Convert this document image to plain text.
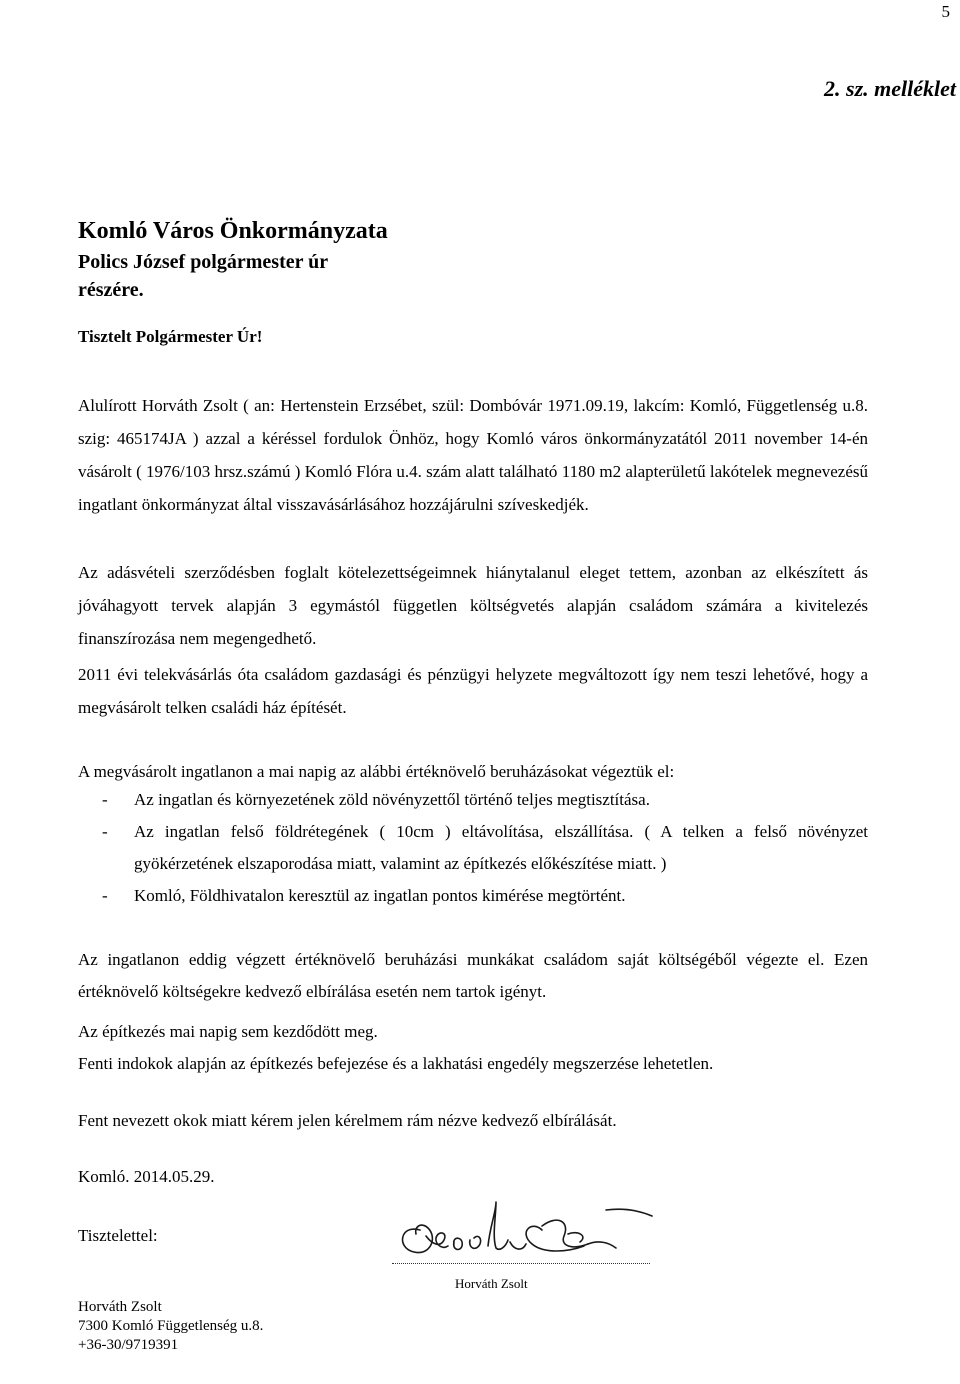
5
2. sz. melléklet
Komló Város Önkormányzata
Polics József polgármester úr
részére.
Tisztelt Polgármester Úr!
Alulírott Horváth Zsolt ( an: Hertenstein Erzsébet, szül: Dombóvár 1971.09.19, lakcím: Komló, Függetlenség u.8. szig: 465174JA ) azzal a kéréssel fordulok Önhöz, hogy Komló város önkormányzatától 2011 november 14-én vásárolt ( 1976/103 hrsz.számú ) Komló Flóra u.4. szám alatt található 1180 m2 alapterületű lakótelek megnevezésű ingatlant önkormányzat által visszavásárlásához hozzájárulni szíveskedjék.
Az adásvételi szerződésben foglalt kötelezettségeimnek hiánytalanul eleget tettem, azonban az elkészített ás jóváhagyott tervek alapján 3 egymástól független költségvetés alapján családom számára a kivitelezés finanszírozása nem megengedhető.
2011 évi telekvásárlás óta családom gazdasági és pénzügyi helyzete megváltozott így nem teszi lehetővé, hogy a megvásárolt telken családi ház építését.
A megvásárolt ingatlanon a mai napig az alábbi értéknövelő beruházásokat végeztük el:
-	Az ingatlan és környezetének zöld növényzettől történő teljes megtisztítása.
-	Az ingatlan felső földrétegének ( 10cm ) eltávolítása, elszállítása. ( A telken a felső növényzet gyökérzetének elszaporodása miatt, valamint az építkezés előkészítése miatt. )
-	Komló, Földhivatalon keresztül az ingatlan pontos kimérése megtörtént.
Az ingatlanon eddig végzett értéknövelő beruházási munkákat családom saját költségéből végezte el. Ezen értéknövelő költségekre kedvező elbírálása esetén nem tartok igényt.
Az építkezés mai napig sem kezdődött meg.
Fenti indokok alapján az építkezés befejezése és a lakhatási engedély megszerzése lehetetlen.
Fent nevezett okok miatt kérem jelen kérelmem rám nézve kedvező elbírálását.
Komló. 2014.05.29.
Tisztelettel:
Horváth Zsolt
Horváth Zsolt
7300 Komló Függetlenség u.8.
+36-30/9719391
